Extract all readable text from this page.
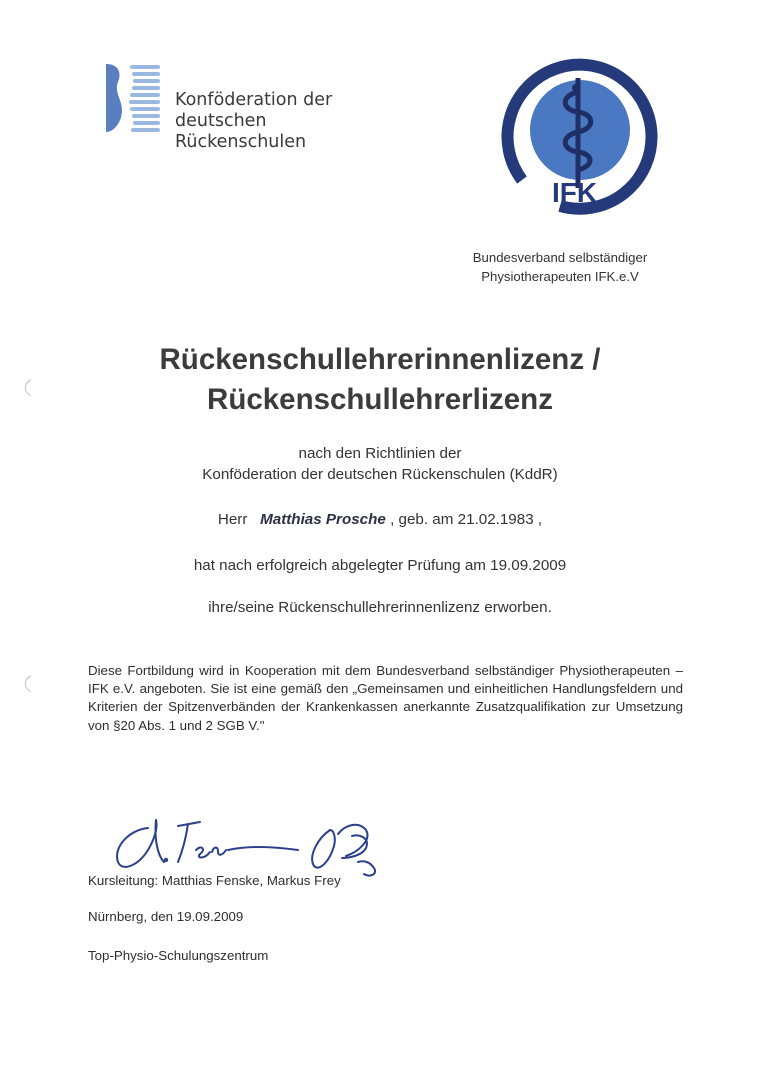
Konföderation der
deutschen Rückenschulen
IFK
Bundesverband selbständiger
Physiotherapeuten IFK.e.V
Rückenschullehrerinnenlizenz /
Rückenschullehrerlizenz
nach den Richtlinien der
Konföderation der deutschen Rückenschulen (KddR)
Herr Matthias Prosche , geb. am 21.02.1983 ,
hat nach erfolgreich abgelegter Prüfung am 19.09.2009
ihre/seine Rückenschullehrerinnenlizenz erworben.
Diese Fortbildung wird in Kooperation mit dem Bundesverband selbständiger Physiotherapeuten – IFK e.V. angeboten. Sie ist eine gemäß den „Gemeinsamen und einheitlichen Handlungsfeldern und Kriterien der Spitzenverbänden der Krankenkassen anerkannte Zusatzqualifikation zur Umsetzung von §20 Abs. 1 und 2 SGB V."
Kursleitung: Matthias Fenske, Markus Frey
Nürnberg, den 19.09.2009
Top-Physio-Schulungszentrum
